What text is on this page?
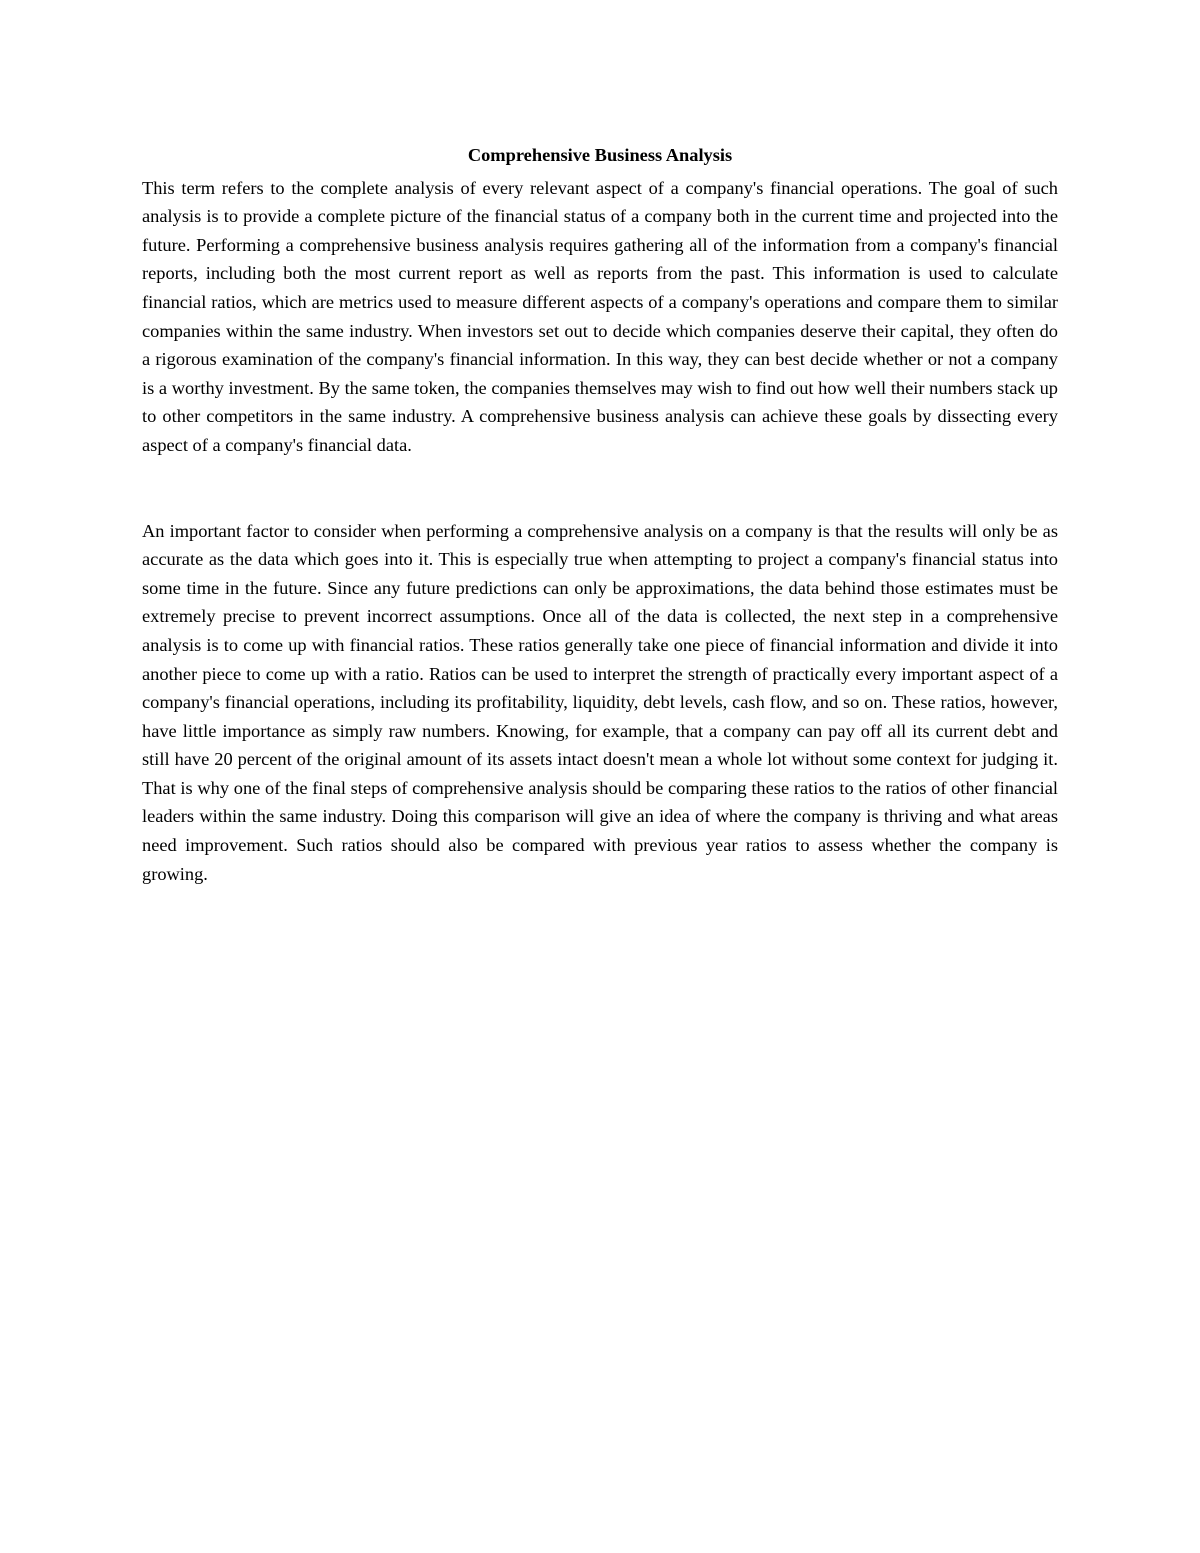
Comprehensive Business Analysis

This term refers to the complete analysis of every relevant aspect of a company's financial operations. The goal of such analysis is to provide a complete picture of the financial status of a company both in the current time and projected into the future. Performing a comprehensive business analysis requires gathering all of the information from a company's financial reports, including both the most current report as well as reports from the past. This information is used to calculate financial ratios, which are metrics used to measure different aspects of a company's operations and compare them to similar companies within the same industry. When investors set out to decide which companies deserve their capital, they often do a rigorous examination of the company's financial information. In this way, they can best decide whether or not a company is a worthy investment. By the same token, the companies themselves may wish to find out how well their numbers stack up to other competitors in the same industry. A comprehensive business analysis can achieve these goals by dissecting every aspect of a company's financial data.

An important factor to consider when performing a comprehensive analysis on a company is that the results will only be as accurate as the data which goes into it. This is especially true when attempting to project a company's financial status into some time in the future. Since any future predictions can only be approximations, the data behind those estimates must be extremely precise to prevent incorrect assumptions. Once all of the data is collected, the next step in a comprehensive analysis is to come up with financial ratios. These ratios generally take one piece of financial information and divide it into another piece to come up with a ratio. Ratios can be used to interpret the strength of practically every important aspect of a company's financial operations, including its profitability, liquidity, debt levels, cash flow, and so on. These ratios, however, have little importance as simply raw numbers. Knowing, for example, that a company can pay off all its current debt and still have 20 percent of the original amount of its assets intact doesn't mean a whole lot without some context for judging it. That is why one of the final steps of comprehensive analysis should be comparing these ratios to the ratios of other financial leaders within the same industry. Doing this comparison will give an idea of where the company is thriving and what areas need improvement. Such ratios should also be compared with previous year ratios to assess whether the company is growing.
